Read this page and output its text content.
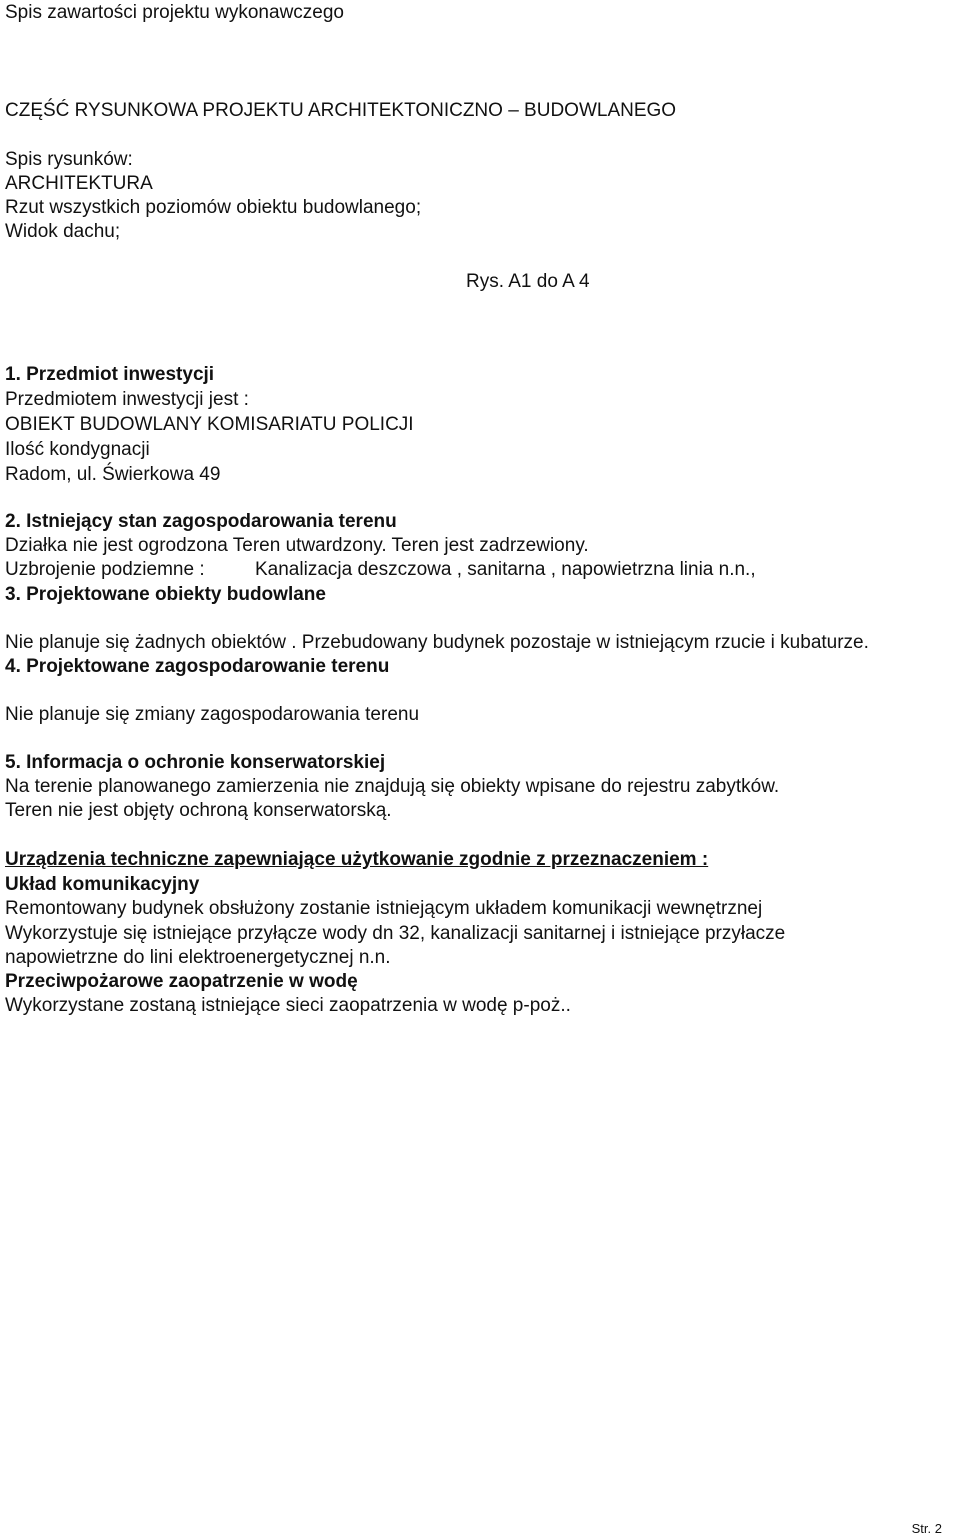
Spis zawartości projektu wykonawczego
CZĘŚĆ RYSUNKOWA PROJEKTU ARCHITEKTONICZNO – BUDOWLANEGO
Spis rysunków:
ARCHITEKTURA
Rzut wszystkich poziomów obiektu budowlanego;
Widok dachu;
Rys. A1 do A 4
1. Przedmiot inwestycji
Przedmiotem inwestycji jest :
OBIEKT BUDOWLANY KOMISARIATU POLICJI
Ilość kondygnacji
Radom, ul. Świerkowa 49
2. Istniejący stan zagospodarowania terenu
Działka nie jest ogrodzona Teren utwardzony. Teren jest zadrzewiony.
Uzbrojenie podziemne :	Kanalizacja deszczowa , sanitarna , napowietrzna linia n.n.,
3. Projektowane obiekty budowlane
Nie planuje się żadnych obiektów . Przebudowany budynek pozostaje w istniejącym rzucie i kubaturze.
4. Projektowane zagospodarowanie terenu
Nie planuje się zmiany zagospodarowania terenu
5. Informacja o ochronie konserwatorskiej
Na terenie planowanego zamierzenia nie znajdują się obiekty wpisane do rejestru zabytków.
Teren nie jest objęty ochroną konserwatorską.
Urządzenia techniczne zapewniające użytkowanie zgodnie z przeznaczeniem :
Układ komunikacyjny
Remontowany budynek obsłużony zostanie istniejącym układem komunikacji wewnętrznej
Wykorzystuje się istniejące przyłącze wody dn 32, kanalizacji sanitarnej i istniejące przyłacze
napowietrzne do lini elektroenergetycznej n.n.
Przeciwpożarowe zaopatrzenie w wodę
Wykorzystane zostaną istniejące sieci zaopatrzenia w wodę p-poż..
Str. 2
